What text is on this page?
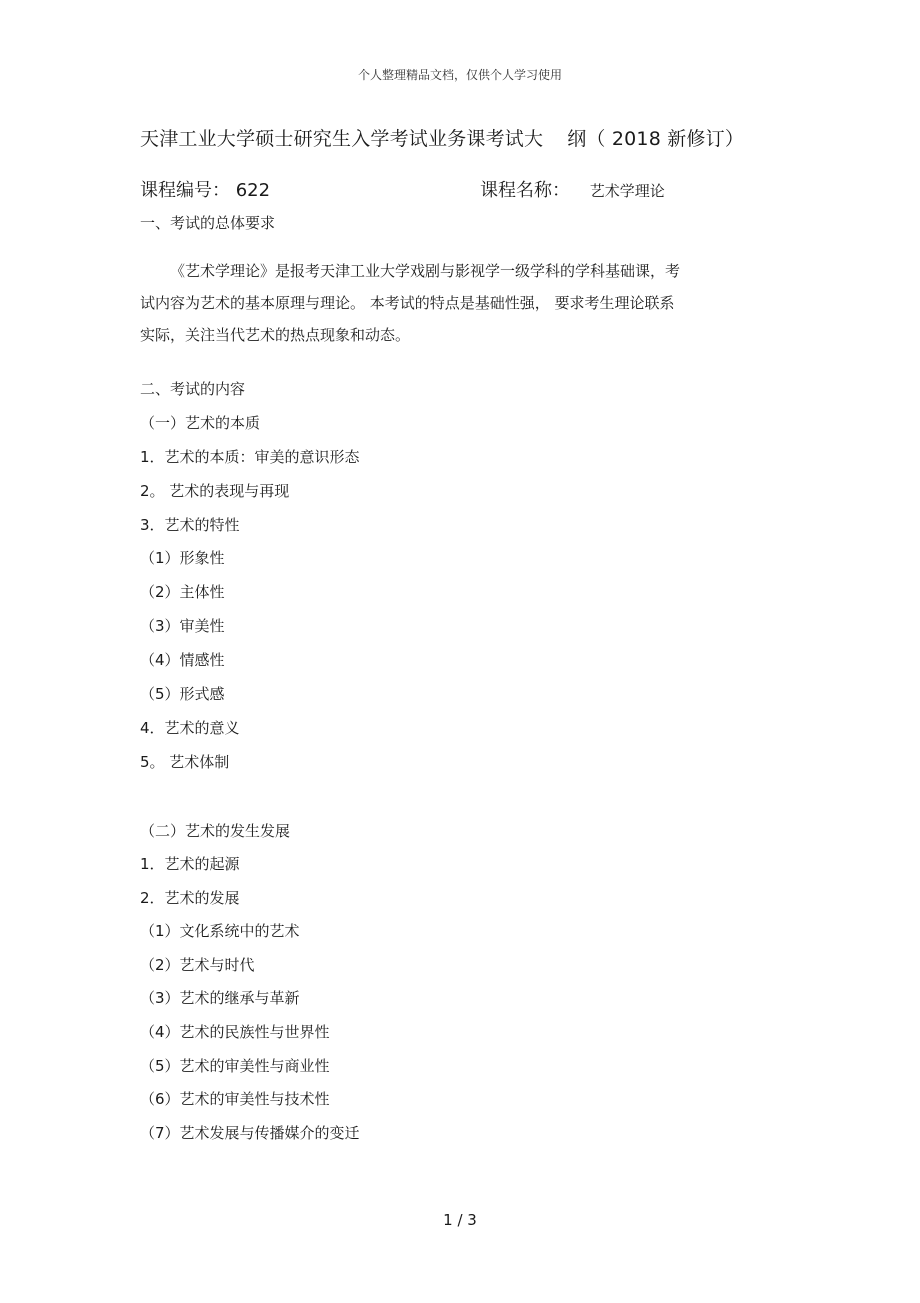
个人整理精品文档，仅供个人学习使用
天津工业大学硕士研究生入学考试业务课考试大 纲（ 2018 新修订）
课程编号： 622	课程名称： 艺术学理论
一、考试的总体要求

《艺术学理论》是报考天津工业大学戏剧与影视学一级学科的学科基础课，考

试内容为艺术的基本原理与理论。 本考试的特点是基础性强， 要求考生理论联系

实际，关注当代艺术的热点现象和动态。

二、考试的内容
（一）艺术的本质
1．艺术的本质：审美的意识形态
2。 艺术的表现与再现
3．艺术的特性
（1）形象性
（2）主体性
（3）审美性
（4）情感性
（5）形式感
4．艺术的意义
5。 艺术体制
（二）艺术的发生发展
1．艺术的起源
2．艺术的发展
（1）文化系统中的艺术
（2）艺术与时代
（3）艺术的继承与革新
（4）艺术的民族性与世界性
（5）艺术的审美性与商业性
（6）艺术的审美性与技术性
（7）艺术发展与传播媒介的变迁
1 / 3
